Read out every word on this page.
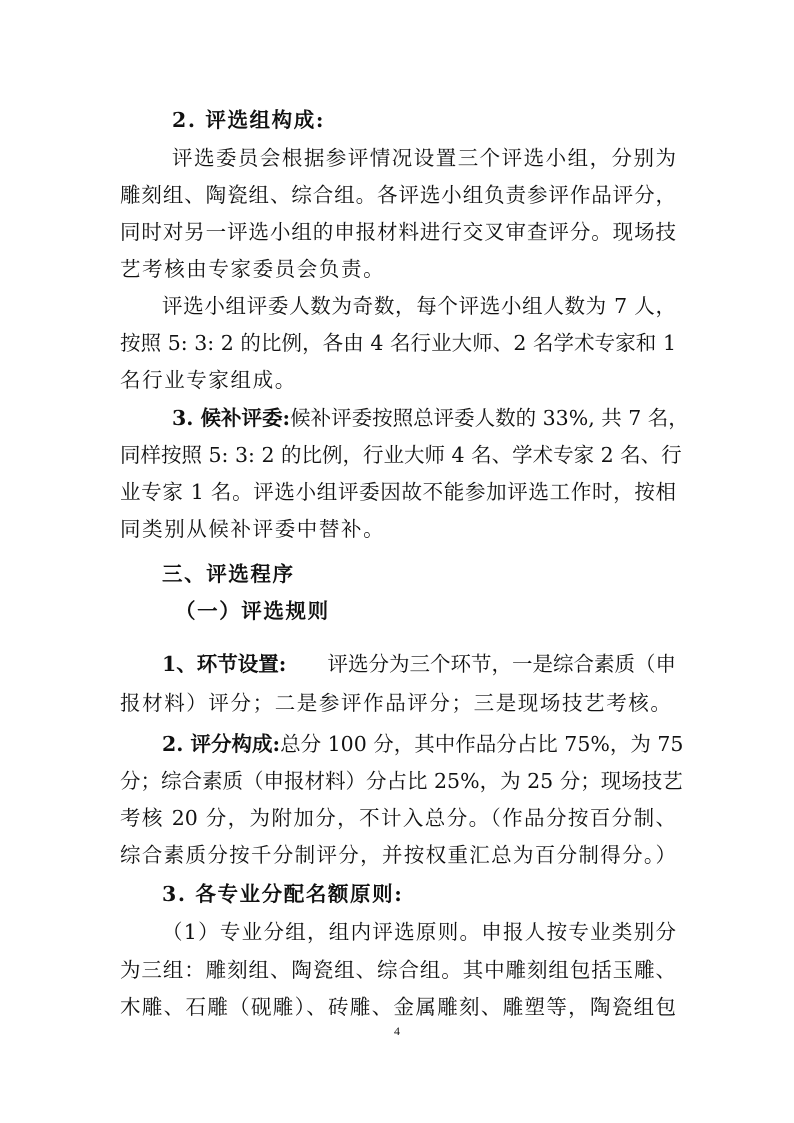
2. 评选组构成:
评选委员会根据参评情况设置三个评选小组，分别为
雕刻组、陶瓷组、综合组。各评选小组负责参评作品评分，
同时对另一评选小组的申报材料进行交叉审查评分。现场技
艺考核由专家委员会负责。
评选小组评委人数为奇数，每个评选小组人数为 7 人，
按照 5: 3: 2 的比例，各由 4 名行业大师、2 名学术专家和 1
名行业专家组成。
3. 候补评委: 候补评委按照总评委人数的 33%, 共 7 名，
同样按照 5: 3: 2 的比例，行业大师 4 名、学术专家 2 名、行
业专家 1 名。评选小组评委因故不能参加评选工作时，按相
同类别从候补评委中替补。
三、评选程序
（一）评选规则
1、环节设置: 评选分为三个环节，一是综合素质（申
报材料）评分；二是参评作品评分；三是现场技艺考核。
2. 评分构成: 总分 100 分，其中作品分占比 75%，为 75
分；综合素质（申报材料）分占比 25%，为 25 分；现场技艺
考核 20 分，为附加分，不计入总分。（作品分按百分制、
综合素质分按千分制评分，并按权重汇总为百分制得分。）
3. 各专业分配名额原则:
（1）专业分组，组内评选原则。申报人按专业类别分
为三组：雕刻组、陶瓷组、综合组。其中雕刻组包括玉雕、
木雕、石雕（砚雕）、砖雕、金属雕刻、雕塑等，陶瓷组包
4
